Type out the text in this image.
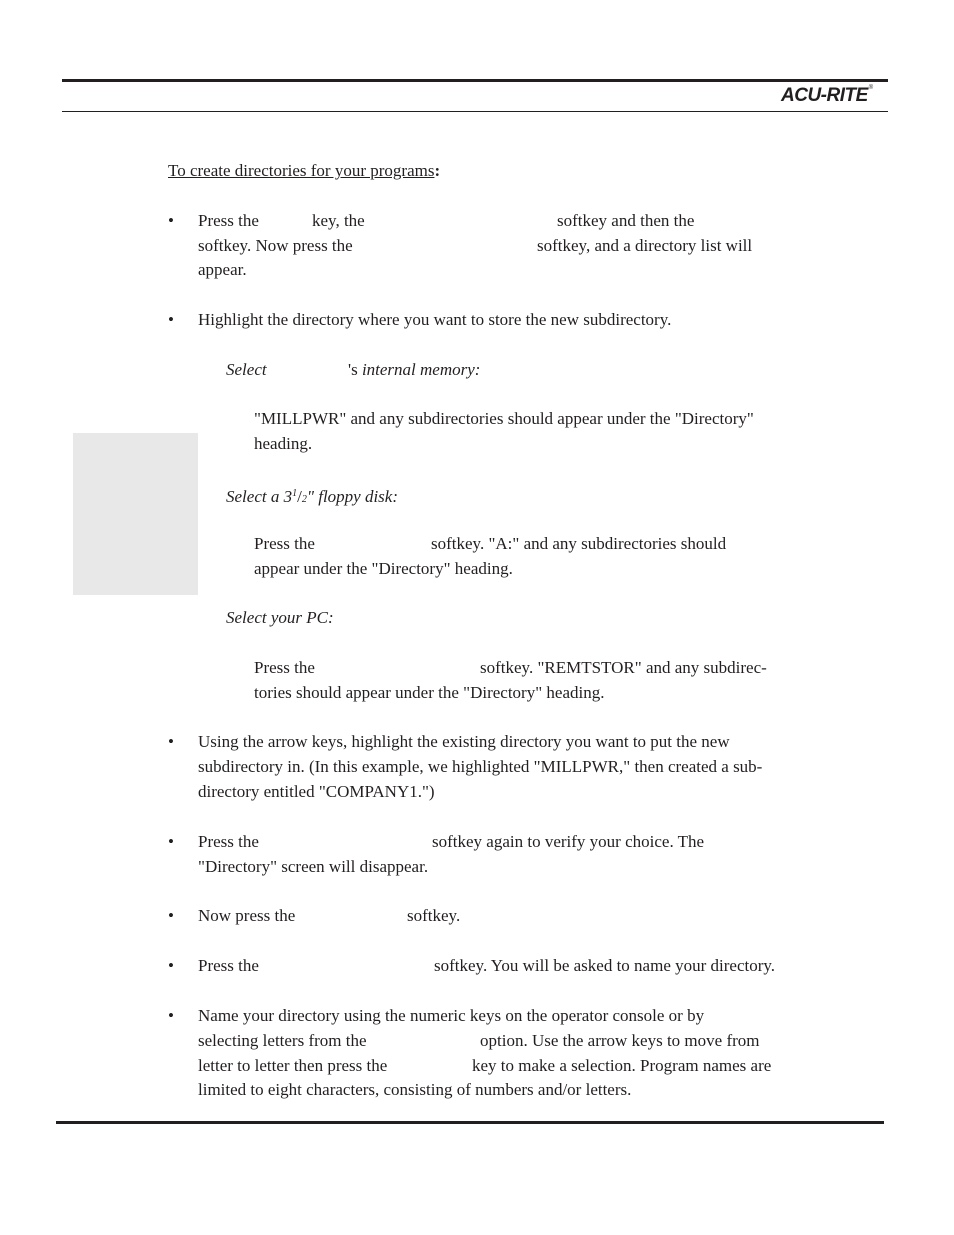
ACU-RITE®
To create directories for your programs:
• Press the	key, the	softkey and then the
softkey. Now press the	softkey, and a directory list will
appear.
• Highlight the directory where you want to store the new subdirectory.
Select	's internal memory:
"MILLPWR" and any subdirectories should appear under the "Directory"
heading.
Select a $3^1/2$" floppy disk:
Press the	softkey. "A:" and any subdirectories should
appear under the "Directory" heading.
Select your PC:
Press the	softkey. "REMTSTOR" and any subdirec-
tories should appear under the "Directory" heading.
• Using the arrow keys, highlight the existing directory you want to put the new
subdirectory in. (In this example, we highlighted "MILLPWR," then created a sub-
directory entitled "COMPANY1.")
• Press the	softkey again to verify your choice. The
"Directory" screen will disappear.
• Now press the	softkey.
• Press the	softkey. You will be asked to name your directory.
• Name your directory using the numeric keys on the operator console or by
selecting letters from the	option. Use the arrow keys to move from
letter to letter then press the	key to make a selection. Program names are
limited to eight characters, consisting of numbers and/or letters.
